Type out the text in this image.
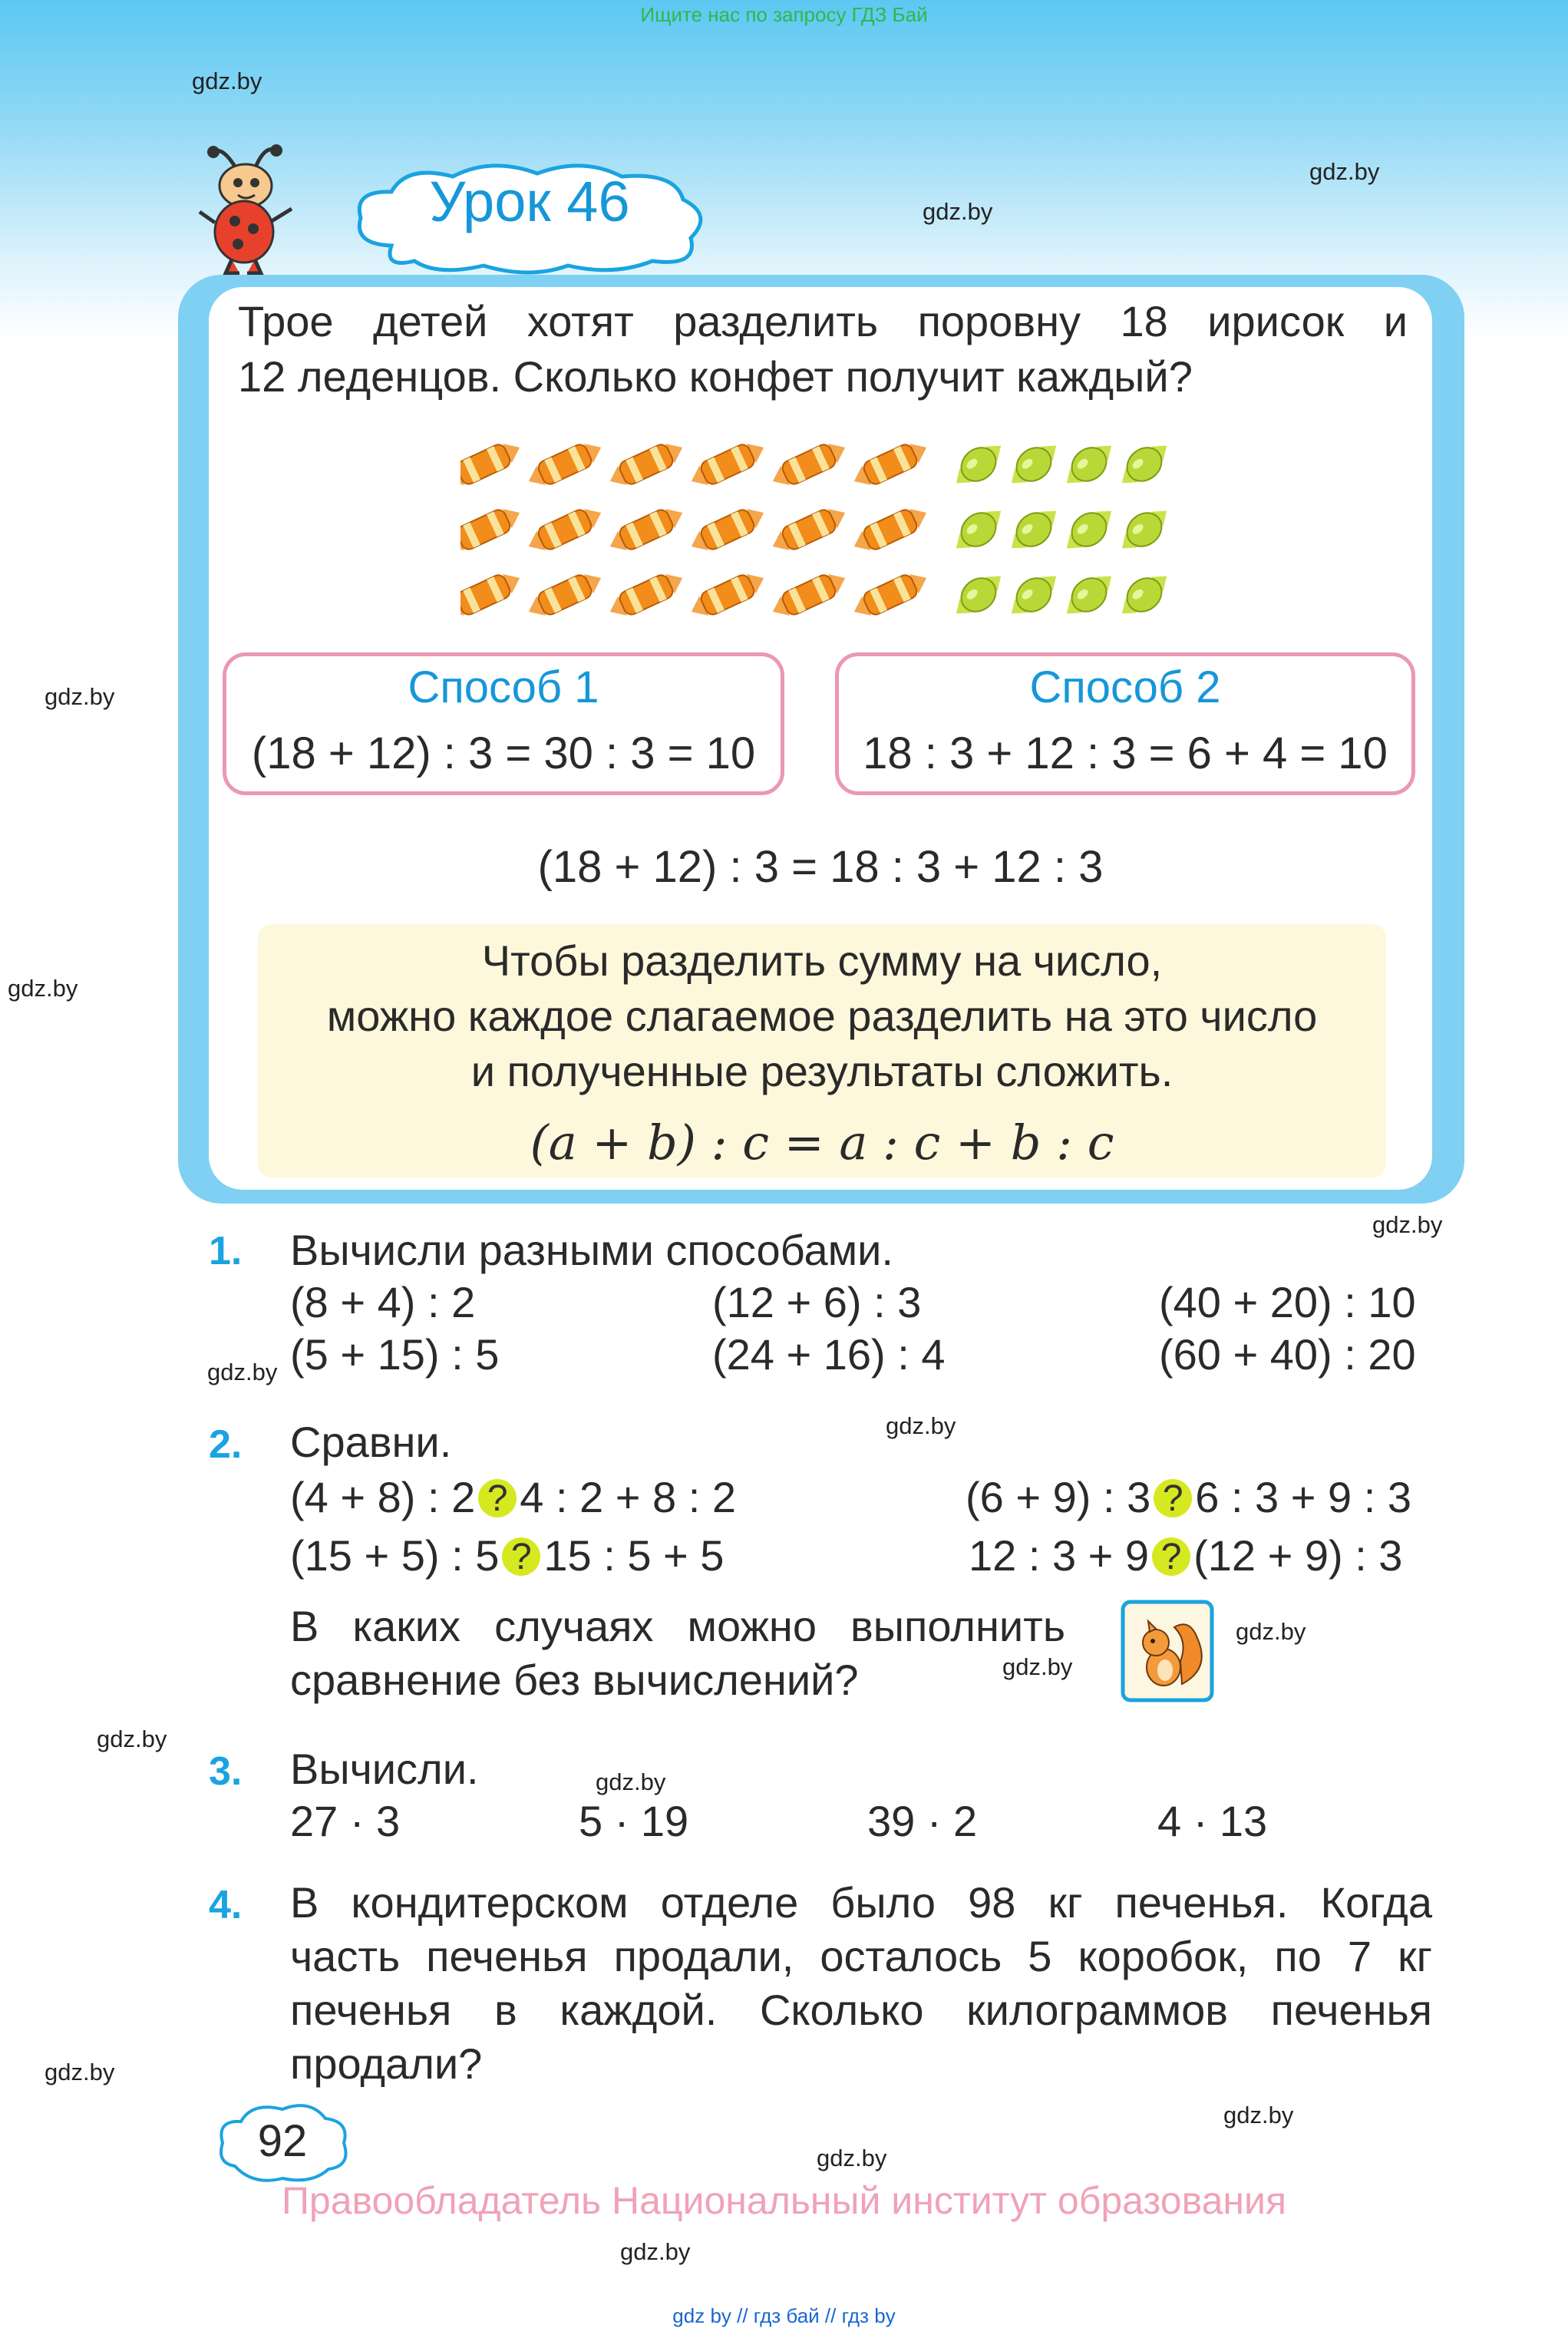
Ищите нас по запросу ГДЗ Бай
gdz.by
gdz.by
gdz.by
gdz.by
gdz.by
gdz.by
gdz.by
gdz.by
gdz.by
gdz.by
gdz.by
gdz.by
gdz.by
gdz.by
gdz.by
gdz.by
Урок 46
Трое детей хотят разделить поровну 18 ирисок и
12 леденцов. Сколько конфет получит каждый?
Способ 1
(18 + 12) : 3 = 30 : 3 = 10
Способ 2
18 : 3 + 12 : 3 = 6 + 4 = 10
(18 + 12) : 3 = 18 : 3 + 12 : 3
Чтобы разделить сумму на число,
можно каждое слагаемое разделить на это число
и полученные результаты сложить.
(a + b) : c = a : c + b : c
1. Вычисли разными способами.
(8 + 4) : 2	(12 + 6) : 3	(40 + 20) : 10
(5 + 15) : 5	(24 + 16) : 4	(60 + 40) : 20
2. Сравни.
(4 + 8) : 2 ? 4 : 2 + 8 : 2	(6 + 9) : 3 ? 6 : 3 + 9 : 3
(15 + 5) : 5 ? 15 : 5 + 5	12 : 3 + 9 ? (12 + 9) : 3
В каких случаях можно выполнить
сравнение без вычислений?
3. Вычисли.
27 · 3	5 · 19	39 · 2	4 · 13
4. В кондитерском отделе было 98 кг печенья. Когда
часть печенья продали, осталось 5 коробок, по 7 кг
печенья в каждой. Сколько килограммов печенья
продали?
92
Правообладатель Национальный институт образования
gdz by // гдз бай // гдз by
